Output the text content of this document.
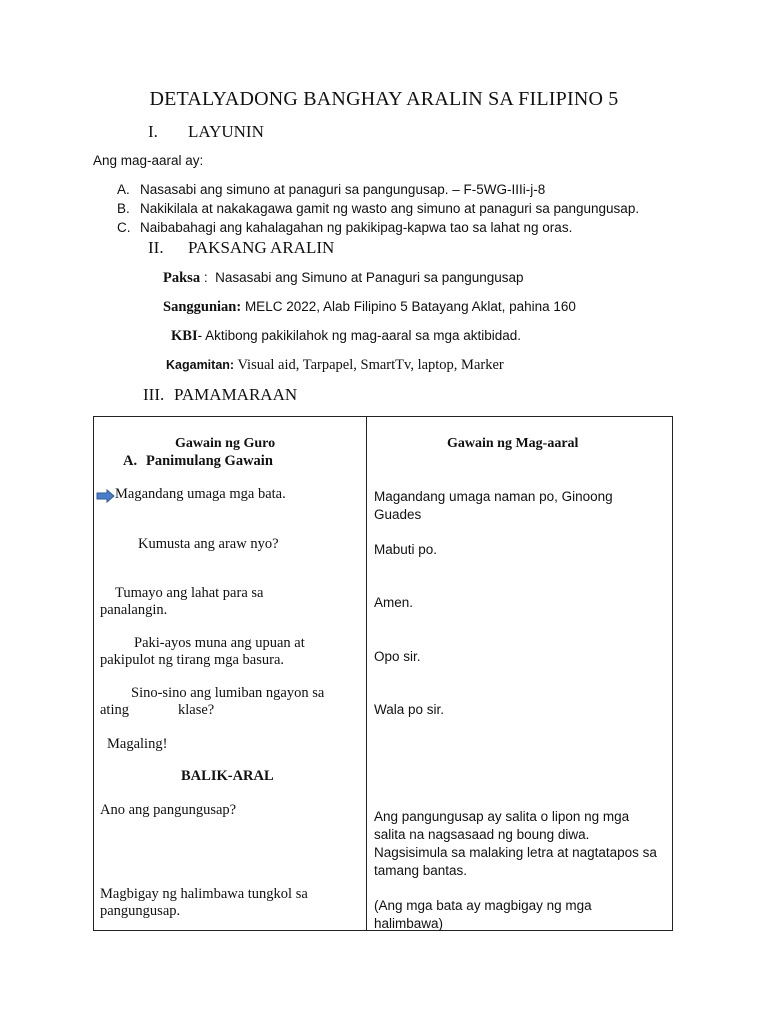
DETALYADONG BANGHAY ARALIN SA FILIPINO 5
I. LAYUNIN
Ang mag-aaral ay:
A. Nasasabi ang simuno at panaguri sa pangungusap. – F-5WG-IIIi-j-8
B. Nakikilala at nakakagawa gamit ng wasto ang simuno at panaguri sa pangungusap.
C. Naibabahagi ang kahalagahan ng pakikipag-kapwa tao sa lahat ng oras.
II. PAKSANG ARALIN
Paksa :  Nasasabi ang Simuno at Panaguri sa pangungusap
Sanggunian: MELC 2022, Alab Filipino 5 Batayang Aklat, pahina 160
KBI- Aktibong pakikilahok ng mag-aaral sa mga aktibidad.
Kagamitan: Visual aid, Tarpapel, SmartTv, laptop, Marker
III. PAMAMARAAN
Gawain ng Guro	Gawain ng Mag-aaral
A. Panimulang Gawain
Magandang umaga mga bata.
Kumusta ang araw nyo?
Tumayo ang lahat para sa
panalangin.
Paki-ayos muna ang upuan at
pakipulot ng tirang mga basura.
Sino-sino ang lumiban ngayon sa
ating	klase?
Magaling!
BALIK-ARAL
Ano ang pangungusap?
Magbigay ng halimbawa tungkol sa
pangungusap.
Magandang umaga naman po, Ginoong
Guades
Mabuti po.
Amen.
Opo sir.
Wala po sir.
Ang pangungusap ay salita o lipon ng mga
salita na nagsasaad ng boung diwa.
Nagsisimula sa malaking letra at nagtatapos sa
tamang bantas.
(Ang mga bata ay magbigay ng mga
halimbawa)
